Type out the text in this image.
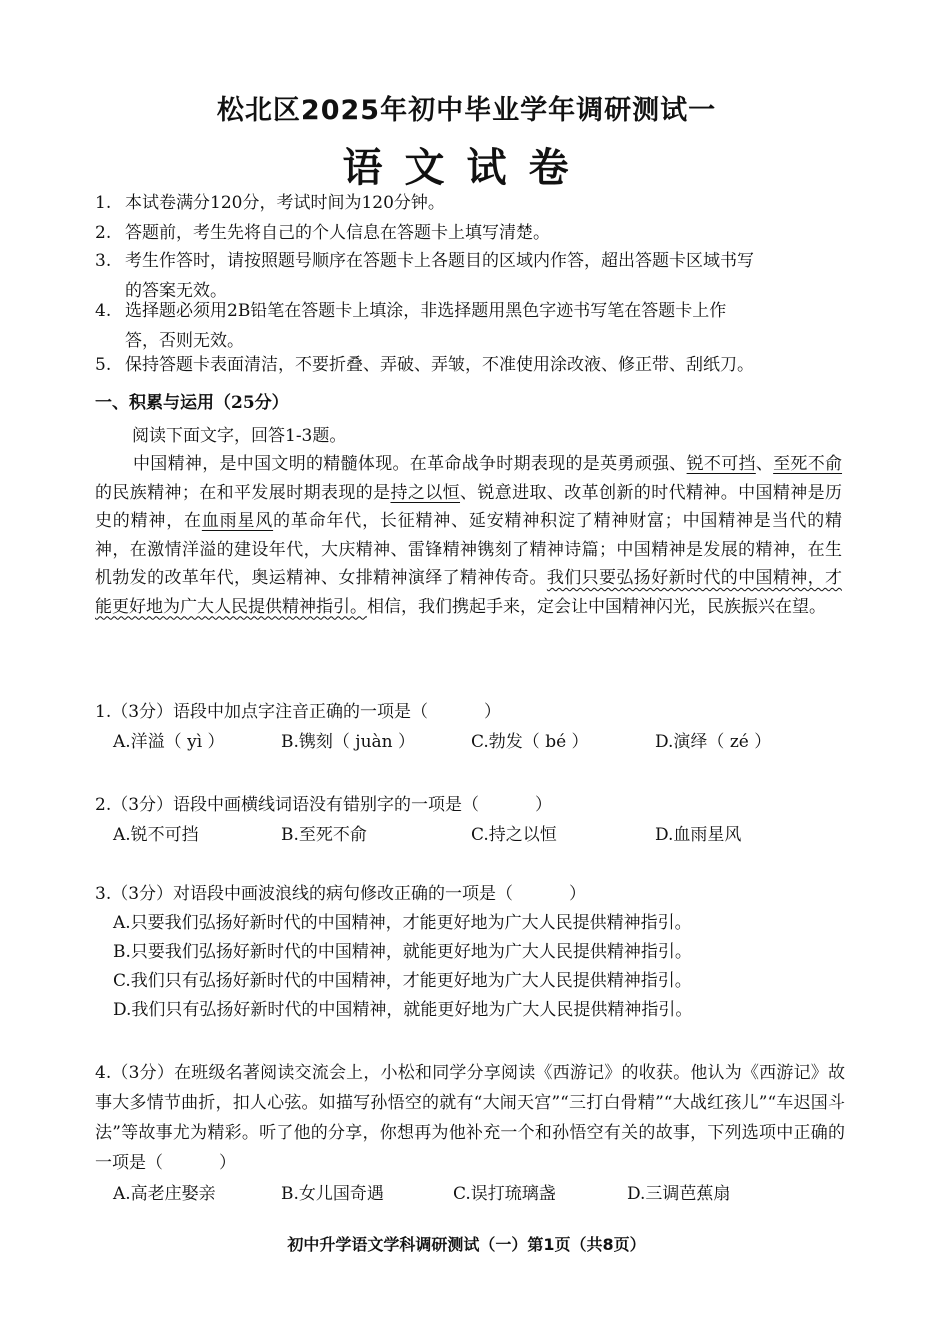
松北区2025年初中毕业学年调研测试一
语文试卷
1. 本试卷满分120分，考试时间为120分钟。
2. 答题前，考生先将自己的个人信息在答题卡上填写清楚。
3. 考生作答时，请按照题号顺序在答题卡上各题目的区域内作答，超出答题卡区域书写
的答案无效。
4. 选择题必须用2B铅笔在答题卡上填涂，非选择题用黑色字迹书写笔在答题卡上作
答，否则无效。
5. 保持答题卡表面清洁，不要折叠、弄破、弄皱，不准使用涂改液、修正带、刮纸刀。
一、积累与运用（25分）
阅读下面文字，回答1-3题。
中国精神，是中国文明的精髓体现。在革命战争时期表现的是英勇顽强、锐不可挡、至死不俞的民族精神；在和平发展时期表现的是持之以恒、锐意进取、改革创新的时代精神。中国精神是历史的精神，在血雨星风的革命年代，长征精神、延安精神积淀了精神财富；中国精神是当代的精神，在激情洋溢的建设年代，大庆精神、雷锋精神镌刻了精神诗篇；中国精神是发展的精神，在生机勃发的改革年代，奥运精神、女排精神演绎了精神传奇。我们只要弘扬好新时代的中国精神，才能更好地为广大人民提供精神指引。相信，我们携起手来，定会让中国精神闪光，民族振兴在望。
1.（3分）语段中加点字注音正确的一项是（	）
A.洋溢（ yì ）	B.镌刻（ juàn ）	C.勃发（ bé ）	D.演绎（ zé ）
2.（3分）语段中画横线词语没有错别字的一项是（	）
A.锐不可挡	B.至死不俞	C.持之以恒	D.血雨星风
3.（3分）对语段中画波浪线的病句修改正确的一项是（	）
A.只要我们弘扬好新时代的中国精神，才能更好地为广大人民提供精神指引。
B.只要我们弘扬好新时代的中国精神，就能更好地为广大人民提供精神指引。
C.我们只有弘扬好新时代的中国精神，才能更好地为广大人民提供精神指引。
D.我们只有弘扬好新时代的中国精神，就能更好地为广大人民提供精神指引。
4.（3分）在班级名著阅读交流会上，小松和同学分享阅读《西游记》的收获。他认为《西游记》故事大多情节曲折，扣人心弦。如描写孙悟空的就有“大闹天宫”“三打白骨精”“大战红孩儿”“车迟国斗法”等故事尤为精彩。听了他的分享，你想再为他补充一个和孙悟空有关的故事，下列选项中正确的一项是（	）
A.高老庄娶亲	B.女儿国奇遇	C.误打琉璃盏	D.三调芭蕉扇
初中升学语文学科调研测试（一）第1页（共8页）
